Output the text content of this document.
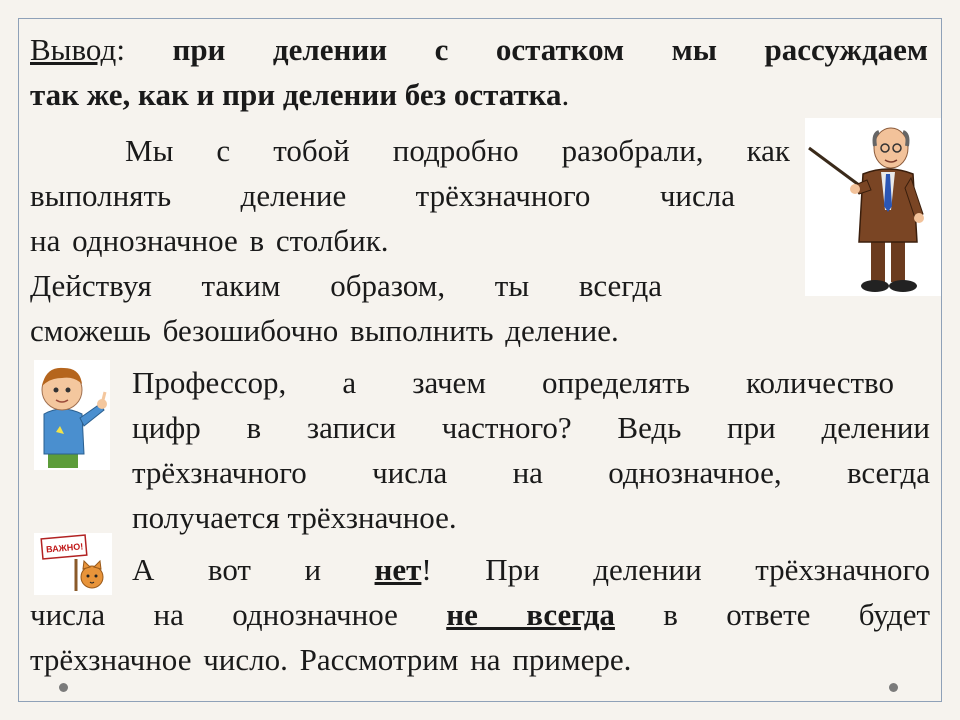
Вывод: при делении с остатком мы рассуждаем

так же, как и при делении без остатка.

Мы с тобой подробно разобрали, как

выполнять деление трёхзначного числа

на однозначное в столбик.

Действуя таким образом, ты всегда

сможешь безошибочно выполнить деление.

Профессор, а зачем определять количество

цифр в записи частного? Ведь при делении

трёхзначного числа на однозначное, всегда

получается трёхзначное.

А вот и нет! При делении трёхзначного

числа на однозначное не всегда в ответе будет

трёхзначное число. Рассмотрим на примере.

ВАЖНО!
